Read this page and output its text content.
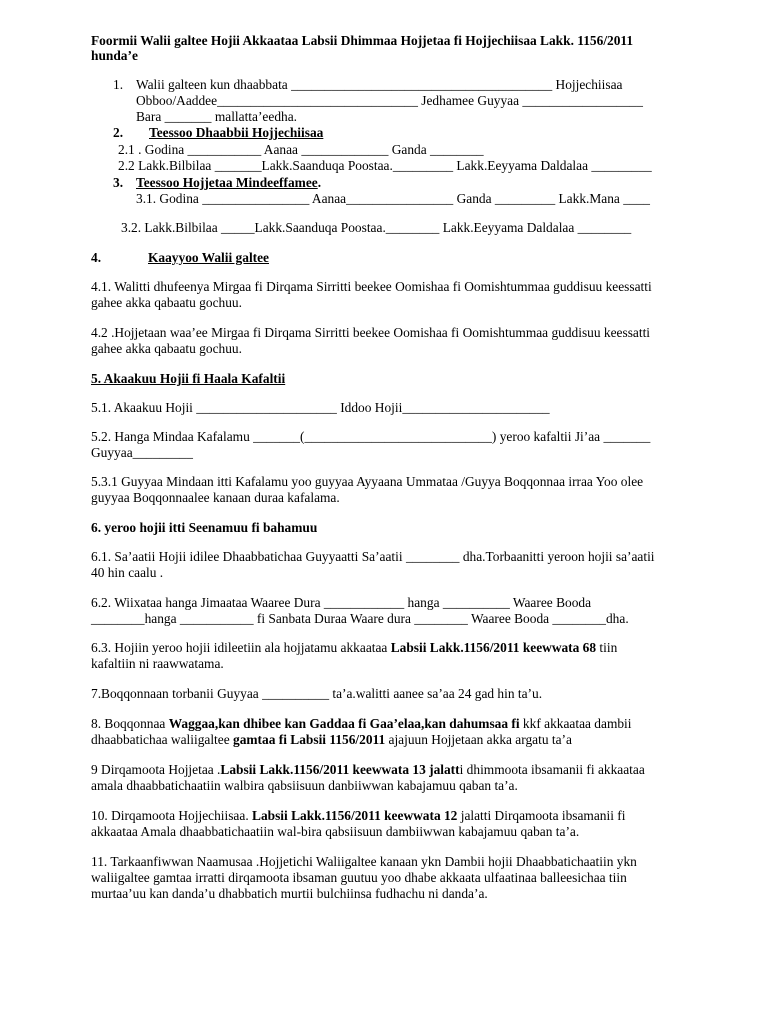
Foormii Walii galtee Hojii Akkaataa Labsii Dhimmaa Hojjetaa fi Hojjechiisaa Lakk. 1156/2011
hunda’e
1. Walii galteen kun dhaabbata _______________________________________ Hojjechiisaa
Obboo/Aaddee______________________________ Jedhamee Guyyaa __________________
Bara _______ mallatta’eedha.
2. Teessoo Dhaabbii Hojjechiisaa
2.1 . Godina ___________ Aanaa _____________ Ganda ________
2.2 Lakk.Bilbilaa _______Lakk.Saanduqa Poostaa._________ Lakk.Eeyyama Daldalaa _________
3. Teessoo Hojjetaa Mindeeffamee.
3.1. Godina ________________ Aanaa________________ Ganda _________ Lakk.Mana ____
3.2. Lakk.Bilbilaa _____Lakk.Saanduqa Poostaa.________ Lakk.Eeyyama Daldalaa ________
4.	Kaayyoo Walii galtee
4.1. Walitti dhufeenya Mirgaa fi Dirqama Sirritti beekee Oomishaa fi Oomishtummaa guddisuu keessatti
gahee akka qabaatu gochuu.
4.2 .Hojjetaan waa’ee Mirgaa fi Dirqama Sirritti beekee Oomishaa fi Oomishtummaa guddisuu keessatti
gahee akka qabaatu gochuu.
5. Akaakuu Hojii fi Haala Kafaltii
5.1. Akaakuu Hojii _____________________ Iddoo Hojii______________________
5.2. Hanga Mindaa Kafalamu _______(____________________________) yeroo kafaltii Ji’aa _______
Guyyaa_________
5.3.1 Guyyaa Mindaan itti Kafalamu yoo guyyaa Ayyaana Ummataa /Guyya Boqqonnaa irraa Yoo olee
guyyaa Boqqonnaalee kanaan duraa kafalama.
6. yeroo hojii itti Seenamuu fi bahamuu
6.1. Sa’aatii Hojii idilee Dhaabbatichaa Guyyaatti Sa’aatii ________ dha.Torbaanitti yeroon hojii sa’aatii
40 hin caalu .
6.2. Wiixataa hanga Jimaataa Waaree Dura ____________ hanga __________ Waaree Booda
________hanga ___________ fi Sanbata Duraa Waare dura ________ Waaree Booda ________dha.
6.3. Hojiin yeroo hojii idileetiin ala hojjatamu akkaataa Labsii Lakk.1156/2011 keewwata 68 tiin
kafaltiin ni raawwatama.
7.Boqqonnaan torbanii Guyyaa __________ ta’a.walitti aanee sa’aa 24 gad hin ta’u.
8. Boqqonnaa Waggaa,kan dhibee kan Gaddaa fi Gaa’elaa,kan dahumsaa fi kkf akkaataa dambii
dhaabbatichaa waliigaltee gamtaa fi Labsii 1156/2011 ajajuun Hojjetaan akka argatu ta’a
9 Dirqamoota Hojjetaa .Labsii Lakk.1156/2011 keewwata 13 jalatti dhimmoota ibsamanii fi akkaataa
amala dhaabbatichaatiin walbira qabsiisuun danbiiwwan kabajamuu qaban ta’a.
10. Dirqamoota Hojjechiisaa. Labsii Lakk.1156/2011 keewwata 12 jalatti Dirqamoota ibsamanii fi
akkaataa Amala dhaabbatichaatiin wal-bira qabsiisuun dambiiwwan kabajamuu qaban ta’a.
11. Tarkaanfiwwan Naamusaa .Hojjetichi Waliigaltee kanaan ykn Dambii hojii Dhaabbatichaatiin ykn
waliigaltee gamtaa irratti dirqamoota ibsaman guutuu yoo dhabe akkaata ulfaatinaa balleesichaa tiin
murtaa’uu kan danda’u dhabbatich murtii bulchiinsa fudhachu ni danda’a.
